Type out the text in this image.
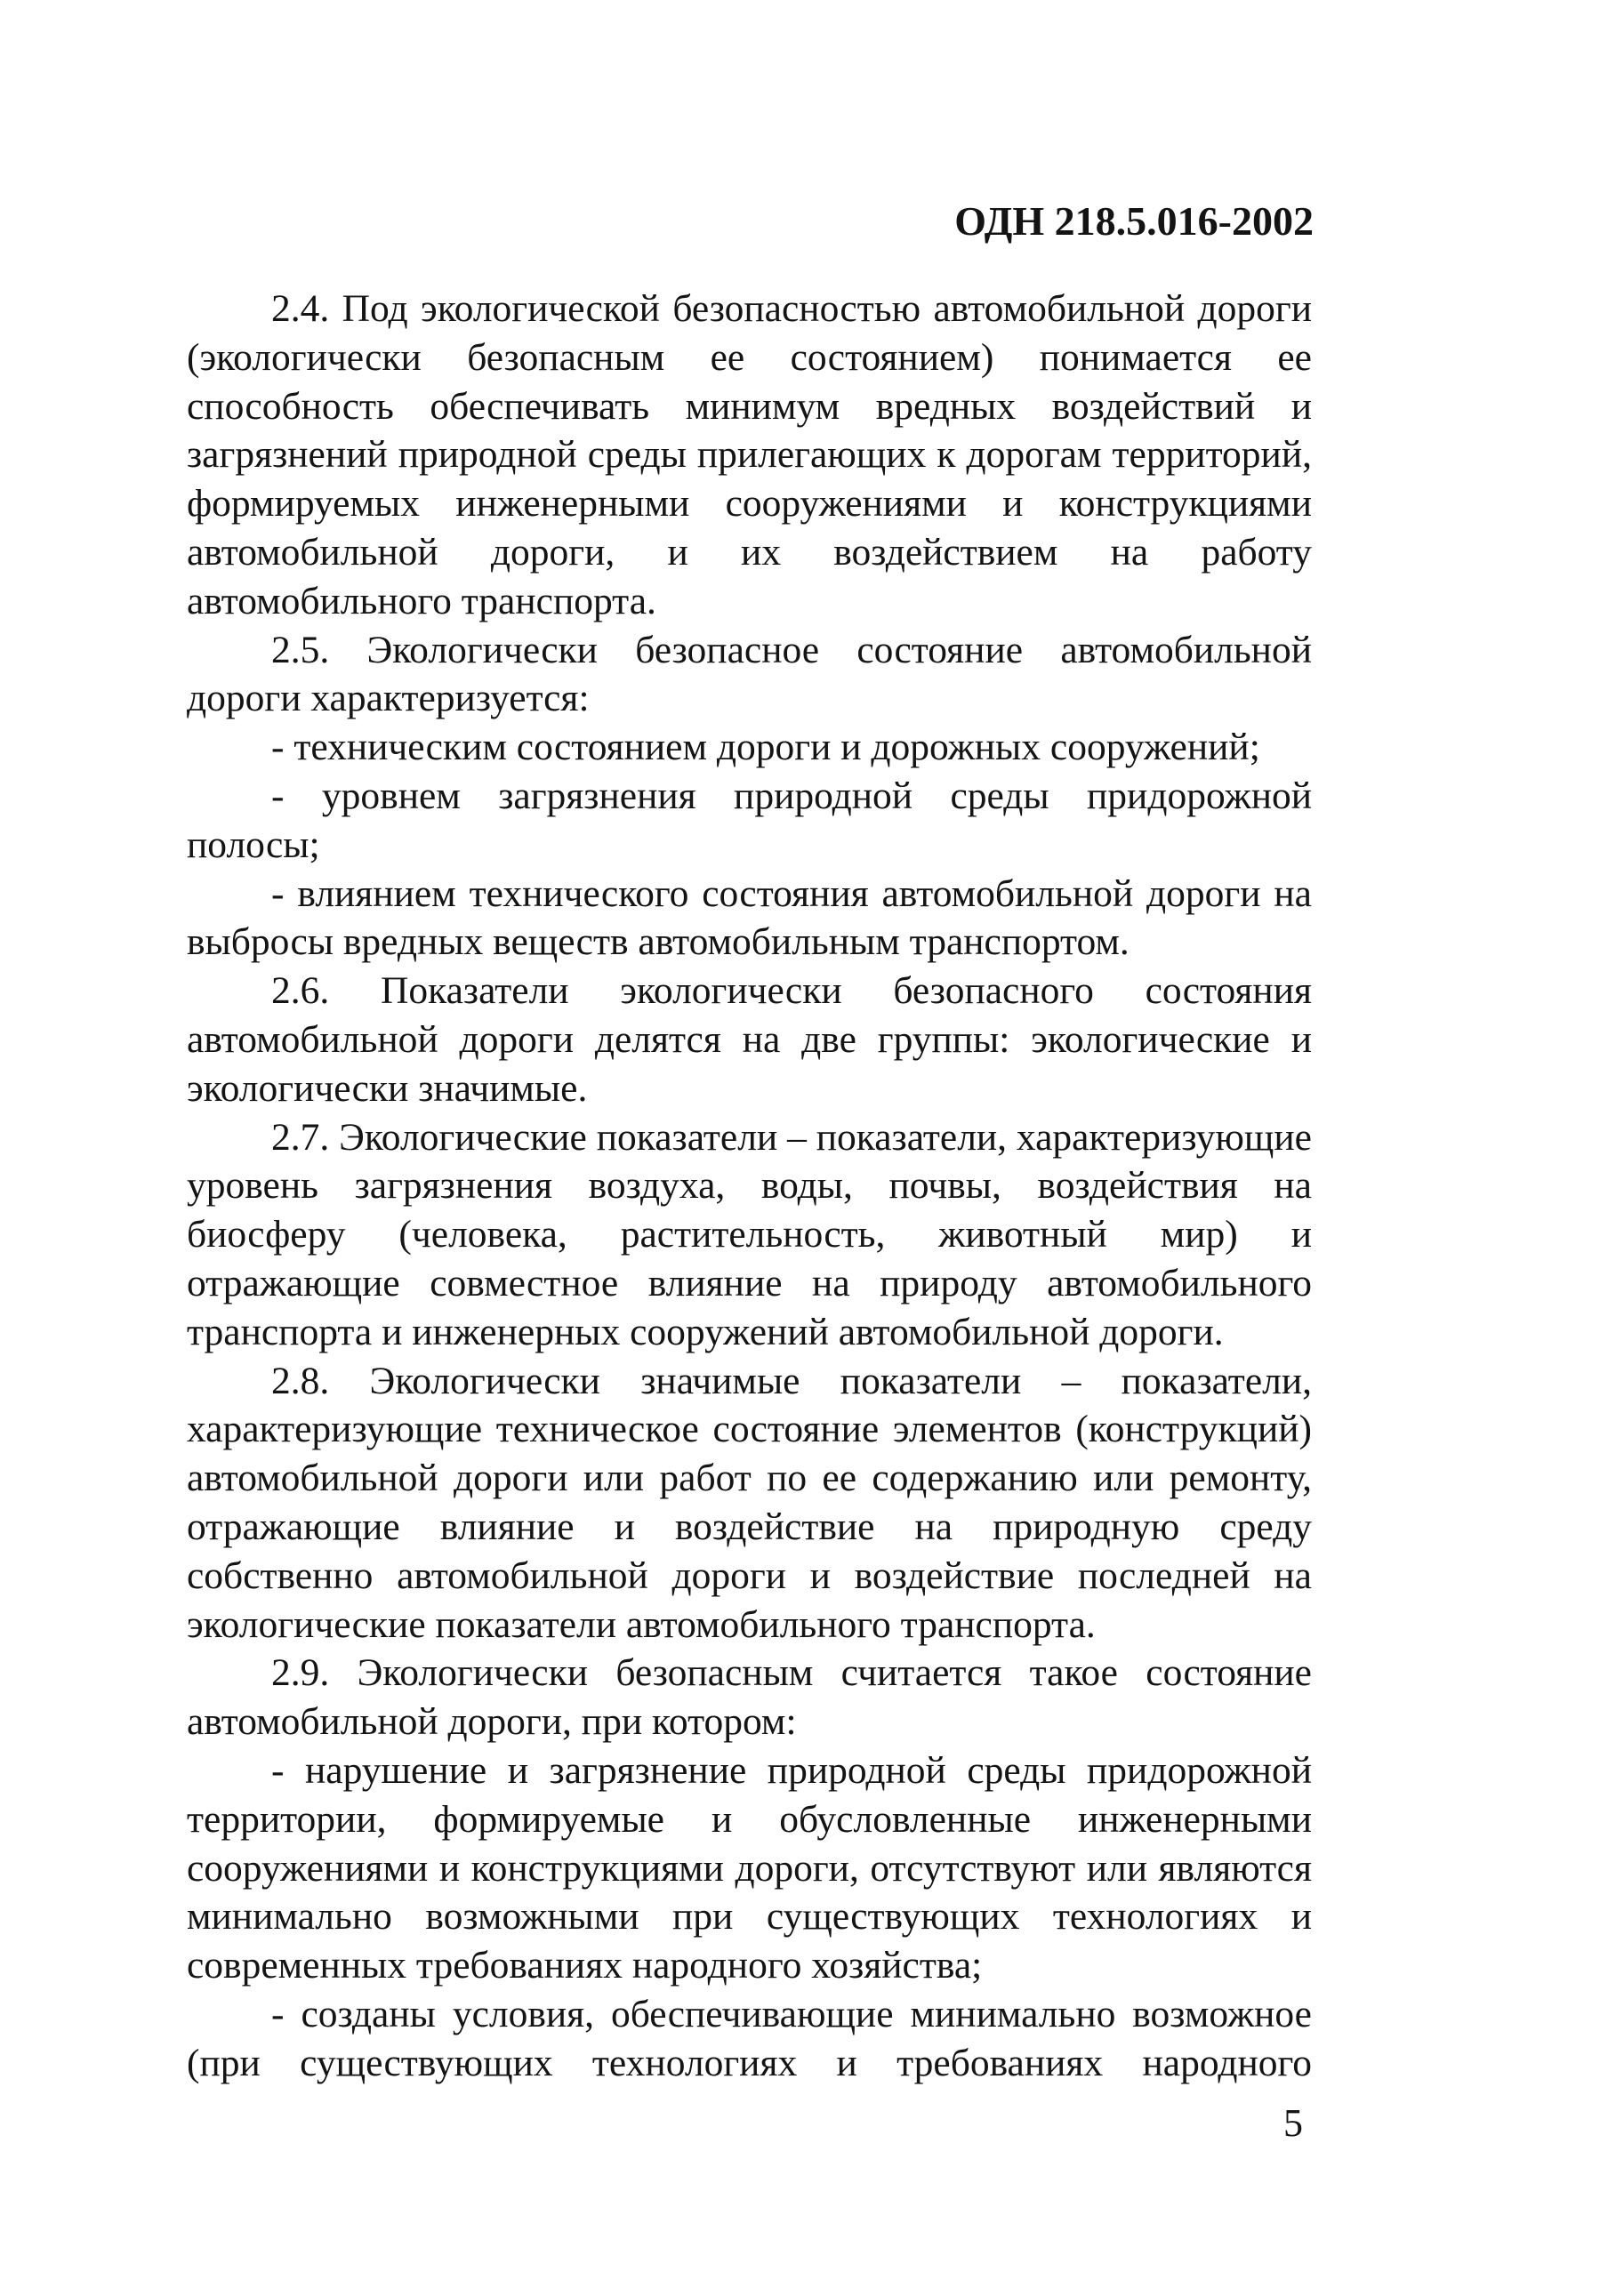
ОДН 218.5.016-2002

2.4. Под экологической безопасностью автомобильной дороги (экологически безопасным ее состоянием) понимается ее способность обеспечивать минимум вредных воздействий и загрязнений природной среды прилегающих к дорогам территорий, формируемых инженерными сооружениями и конструкциями автомобильной дороги, и их воздействием на работу автомобильного транспорта.

2.5. Экологически безопасное состояние автомобильной дороги характеризуется:

- техническим состоянием дороги и дорожных сооружений;

- уровнем загрязнения природной среды придорожной полосы;

- влиянием технического состояния автомобильной дороги на выбросы вредных веществ автомобильным транспортом.

2.6. Показатели экологически безопасного состояния автомобильной дороги делятся на две группы: экологические и экологически значимые.

2.7. Экологические показатели – показатели, характеризующие уровень загрязнения воздуха, воды, почвы, воздействия на биосферу (человека, растительность, животный мир) и отражающие совместное влияние на природу автомобильного транспорта и инженерных сооружений автомобильной дороги.

2.8. Экологически значимые показатели – показатели, характеризующие техническое состояние элементов (конструкций) автомобильной дороги или работ по ее содержанию или ремонту, отражающие влияние и воздействие на природную среду собственно автомобильной дороги и воздействие последней на экологические показатели автомобильного транспорта.

2.9. Экологически безопасным считается такое состояние автомобильной дороги, при котором:

- нарушение и загрязнение природной среды придорожной территории, формируемые и обусловленные инженерными сооружениями и конструкциями дороги, отсутствуют или являются минимально возможными при существующих технологиях и современных требованиях народного хозяйства;

- созданы условия, обеспечивающие минимально возможное (при существующих технологиях и требованиях народного

5
